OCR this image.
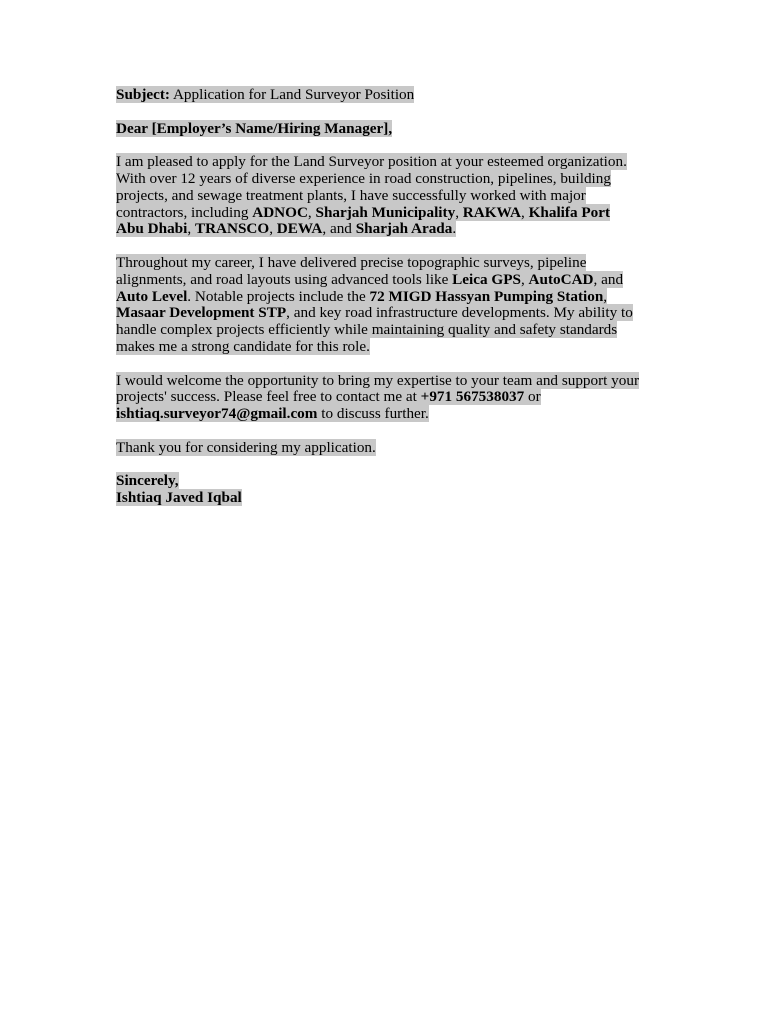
Subject: Application for Land Surveyor Position

Dear [Employer’s Name/Hiring Manager],

I am pleased to apply for the Land Surveyor position at your esteemed organization.
With over 12 years of diverse experience in road construction, pipelines, building
projects, and sewage treatment plants, I have successfully worked with major
contractors, including ADNOC, Sharjah Municipality, RAKWA, Khalifa Port
Abu Dhabi, TRANSCO, DEWA, and Sharjah Arada.

Throughout my career, I have delivered precise topographic surveys, pipeline
alignments, and road layouts using advanced tools like Leica GPS, AutoCAD, and
Auto Level. Notable projects include the 72 MIGD Hassyan Pumping Station,
Masaar Development STP, and key road infrastructure developments. My ability to
handle complex projects efficiently while maintaining quality and safety standards
makes me a strong candidate for this role.

I would welcome the opportunity to bring my expertise to your team and support your
projects' success. Please feel free to contact me at +971 567538037 or
ishtiaq.surveyor74@gmail.com to discuss further.

Thank you for considering my application.

Sincerely,
Ishtiaq Javed Iqbal
